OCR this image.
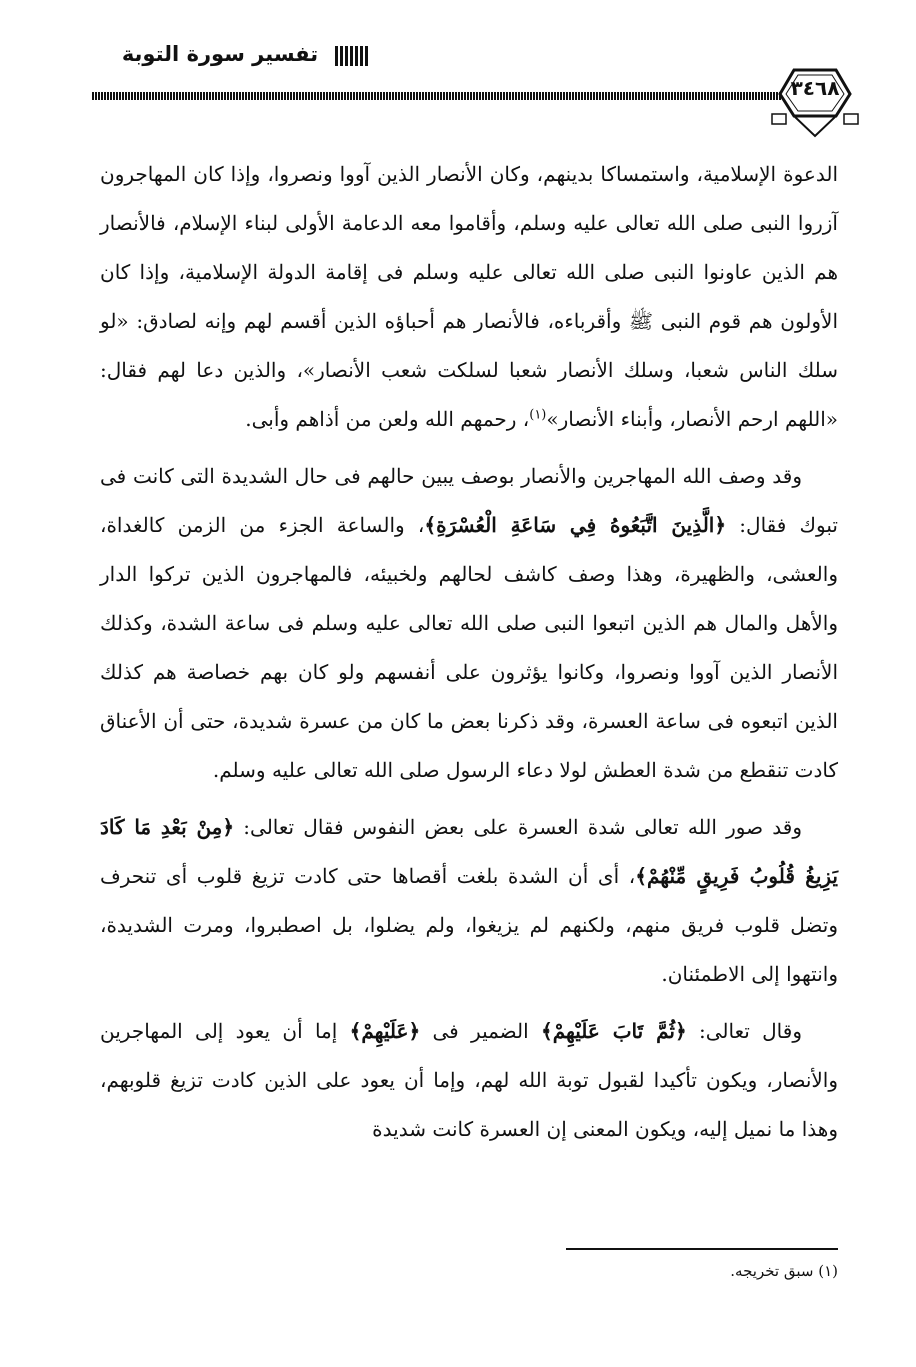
تفسير سورة التوبة
٣٤٦٨

الدعوة الإسلامية، واستمساكا بدينهم، وكان الأنصار الذين آووا ونصروا، وإذا كان المهاجرون آزروا النبى صلى الله تعالى عليه وسلم، وأقاموا معه الدعامة الأولى لبناء الإسلام، فالأنصار هم الذين عاونوا النبى صلى الله تعالى عليه وسلم فى إقامة الدولة الإسلامية، وإذا كان الأولون هم قوم النبى ﷺ وأقرباءه، فالأنصار هم أحباؤه الذين أقسم لهم وإنه لصادق: «لو سلك الناس شعبا، وسلك الأنصار شعبا لسلكت شعب الأنصار»، والذين دعا لهم فقال: «اللهم ارحم الأنصار، وأبناء الأنصار»$^{(١)}$، رحمهم الله ولعن من أذاهم وأبى.

وقد وصف الله المهاجرين والأنصار بوصف يبين حالهم فى حال الشديدة التى كانت فى تبوك فقال: ﴿الَّذِينَ اتَّبَعُوهُ فِي سَاعَةِ الْعُسْرَةِ﴾، والساعة الجزء من الزمن كالغداة، والعشى، والظهيرة، وهذا وصف كاشف لحالهم ولخبيئه، فالمهاجرون الذين تركوا الدار والأهل والمال هم الذين اتبعوا النبى صلى الله تعالى عليه وسلم فى ساعة الشدة، وكذلك الأنصار الذين آووا ونصروا، وكانوا يؤثرون على أنفسهم ولو كان بهم خصاصة هم كذلك الذين اتبعوه فى ساعة العسرة، وقد ذكرنا بعض ما كان من عسرة شديدة، حتى أن الأعناق كادت تنقطع من شدة العطش لولا دعاء الرسول صلى الله تعالى عليه وسلم.

وقد صور الله تعالى شدة العسرة على بعض النفوس فقال تعالى: ﴿مِنْ بَعْدِ مَا كَادَ يَزِيغُ قُلُوبُ فَرِيقٍ مِّنْهُمْ﴾، أى أن الشدة بلغت أقصاها حتى كادت تزيغ قلوب أى تنحرف وتضل قلوب فريق منهم، ولكنهم لم يزيغوا، ولم يضلوا، بل اصطبروا، ومرت الشديدة، وانتهوا إلى الاطمئنان.

وقال تعالى: ﴿ثُمَّ تَابَ عَلَيْهِمْ﴾ الضمير فى ﴿عَلَيْهِمْ﴾ إما أن يعود إلى المهاجرين والأنصار، ويكون تأكيدا لقبول توبة الله لهم، وإما أن يعود على الذين كادت تزيغ قلوبهم، وهذا ما نميل إليه، ويكون المعنى إن العسرة كانت شديدة

(١) سبق تخريجه.
